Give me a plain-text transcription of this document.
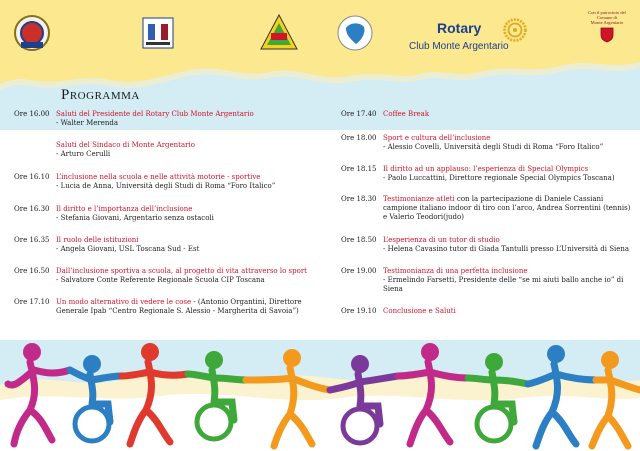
Rotary
Club Monte Argentario
Con il patrocinio del
Comune di
Monte Argentario
Programma
Ore 16.00 Saluti del Presidente del Rotary Club Monte Argentario
- Walter Merenda
Saluti del Sindaco di Monte Argentario
- Arturo Cerulli
Ore 16.10 L’inclusione nella scuola e nelle attività motorie - sportive
- Lucia de Anna, Università degli Studi di Roma “Foro Italico”
Ore 16.30 Il diritto e l’importanza dell’inclusione
- Stefania Giovani, Argentario senza ostacoli
Ore 16.35 Il ruolo delle istituzioni
- Angela Giovani, USL Toscana Sud - Est
Ore 16.50 Dall’inclusione sportiva a scuola, al progetto di vita attraverso lo sport
- Salvatore Conte Referente Regionale Scuola CIP Toscana
Ore 17.10 Un modo alternativo di vedere le cose - (Antonio Organtini, Direttore Generale Ipab “Centro Regionale S. Alessio - Margherita di Savoia”)
Ore 17.40 Coffee Break
Ore 18.00 Sport e cultura dell’inclusione
- Alessio Covelli, Università degli Studi di Roma “Foro Italico”
Ore 18.15 Il diritto ad un applauso: l’esperienza di Special Olympics
- Paolo Luccattini, Direttore regionale Special Olympics Toscana)
Ore 18.30 Testimonianze atleti con la partecipazione di Daniele Cassiani campione italiano indoor di tiro con l’arco, Andrea Sorrentini (tennis) e Valerio Teodori(judo)
Ore 18.50 L’esperienza di un tutor di studio
- Helena Cavasino tutor di Giada Tantulli presso L’Università di Siena
Ore 19.00 Testimonianza di una perfetta inclusione
- Ermelindo Farsetti, Presidente delle “se mi aiuti ballo anche io” di Siena
Ore 19.10 Conclusione e Saluti
